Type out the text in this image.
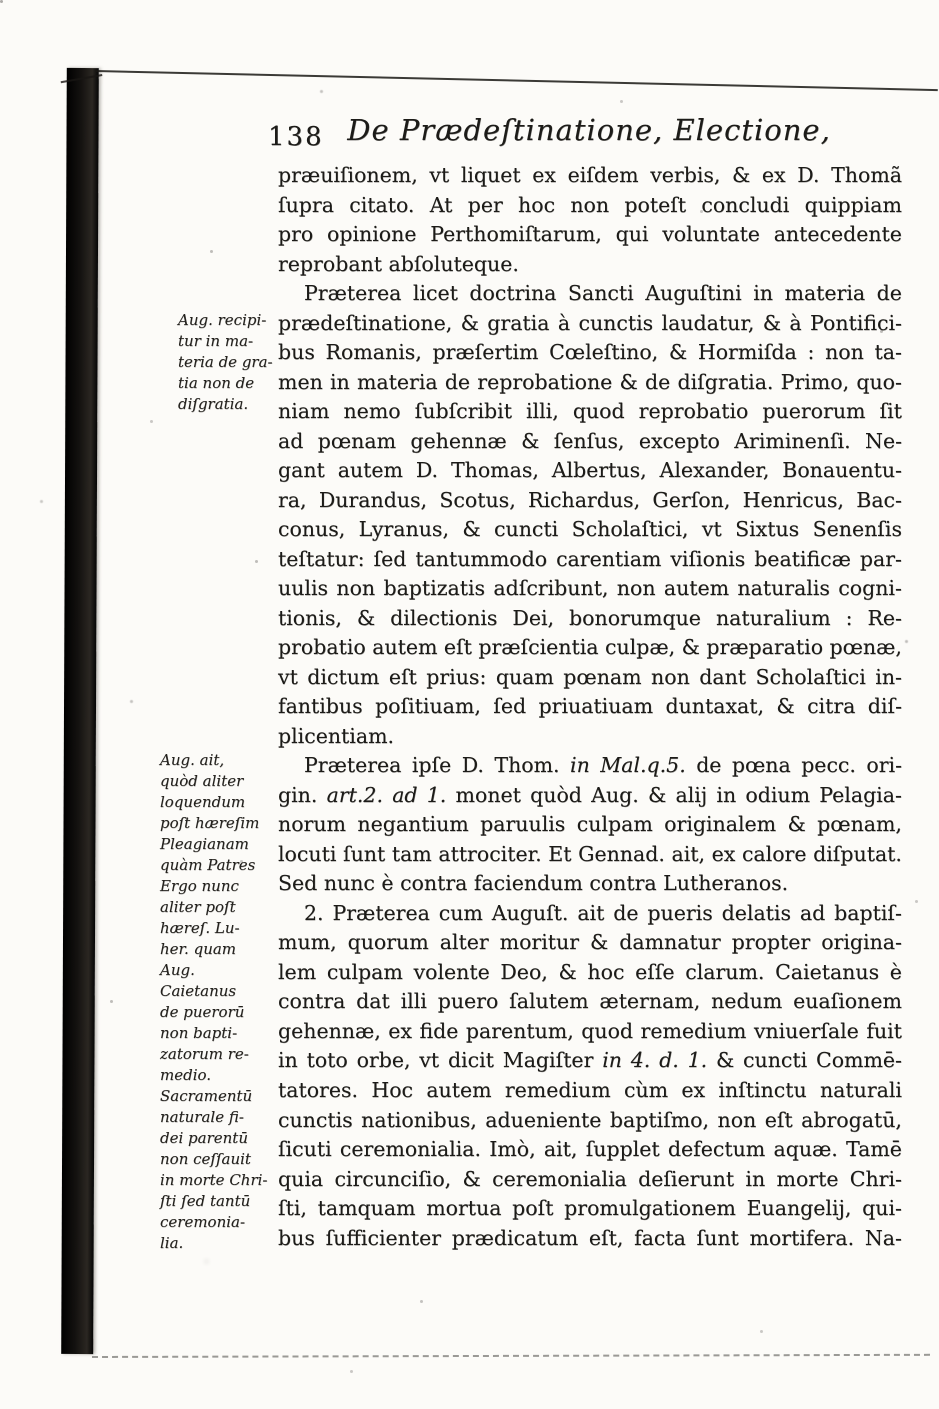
138 De Prædeſtinatione, Electione,
Aug. recipi-
tur in ma-
teria de gra-
tia non de
diſgratia.
Aug. ait,
quòd aliter
loquendum
poſt hæreſim
Pleagianam
quàm Patres
Ergo nunc
aliter poſt
hæreſ. Lu-
her. quam
Aug.
Caietanus
de puerorū
non bapti-
zatorum re-
medio.
Sacramentū
naturale fi-
dei parentū
non ceſſauit
in morte Chri-
ſti ſed tantū
ceremonia-
lia.
præuiſionem, vt liquet ex eiſdem verbis, & ex D. Thomã
ſupra citato. At per hoc non poteſt concludi quippiam
pro opinione Perthomiſtarum, qui voluntate antecedente
reprobant abſoluteque.
Præterea licet doctrina Sancti Auguſtini in materia de
prædeſtinatione, & gratia à cunctis laudatur, & à Pontifici-
bus Romanis, præſertim Cœleſtino, & Hormiſda : non ta-
men in materia de reprobatione & de diſgratia. Primo, quo-
niam nemo ſubſcribit illi, quod reprobatio puerorum ſit
ad pœnam gehennæ & ſenſus, excepto Ariminenſi. Ne-
gant autem D. Thomas, Albertus, Alexander, Bonauentu-
ra, Durandus, Scotus, Richardus, Gerſon, Henricus, Bac-
conus, Lyranus, & cuncti Scholaſtici, vt Sixtus Senenſis
teſtatur: ſed tantummodo carentiam viſionis beatificæ par-
uulis non baptizatis adſcribunt, non autem naturalis cogni-
tionis, & dilectionis Dei, bonorumque naturalium : Re-
probatio autem eſt præſcientia culpæ, & præparatio pœnæ,
vt dictum eſt prius: quam pœnam non dant Scholaſtici in-
fantibus poſitiuam, ſed priuatiuam duntaxat, & citra diſ-
plicentiam.
Præterea ipſe D. Thom. in Mal.q.5. de pœna pecc. ori-
gin. art.2. ad 1. monet quòd Aug. & alij in odium Pelagia-
norum negantium paruulis culpam originalem & pœnam,
locuti ſunt tam attrociter. Et Gennad. ait, ex calore diſputat.
Sed nunc è contra faciendum contra Lutheranos.
2. Præterea cum Auguſt. ait de pueris delatis ad baptiſ-
mum, quorum alter moritur & damnatur propter origina-
lem culpam volente Deo, & hoc eſſe clarum. Caietanus è
contra dat illi puero ſalutem æternam, nedum euaſionem
gehennæ, ex fide parentum, quod remedium vniuerſale fuit
in toto orbe, vt dicit Magiſter in 4. d. 1. & cuncti Commē-
tatores. Hoc autem remedium cùm ex inſtinctu naturali
cunctis nationibus, adueniente baptiſmo, non eſt abrogatū,
ſicuti ceremonialia. Imò, ait, ſupplet defectum aquæ. Tamē
quia circunciſio, & ceremonialia deſierunt in morte Chri-
ſti, tamquam mortua poſt promulgationem Euangelij, qui-
bus ſufficienter prædicatum eſt, facta ſunt mortifera. Na-
